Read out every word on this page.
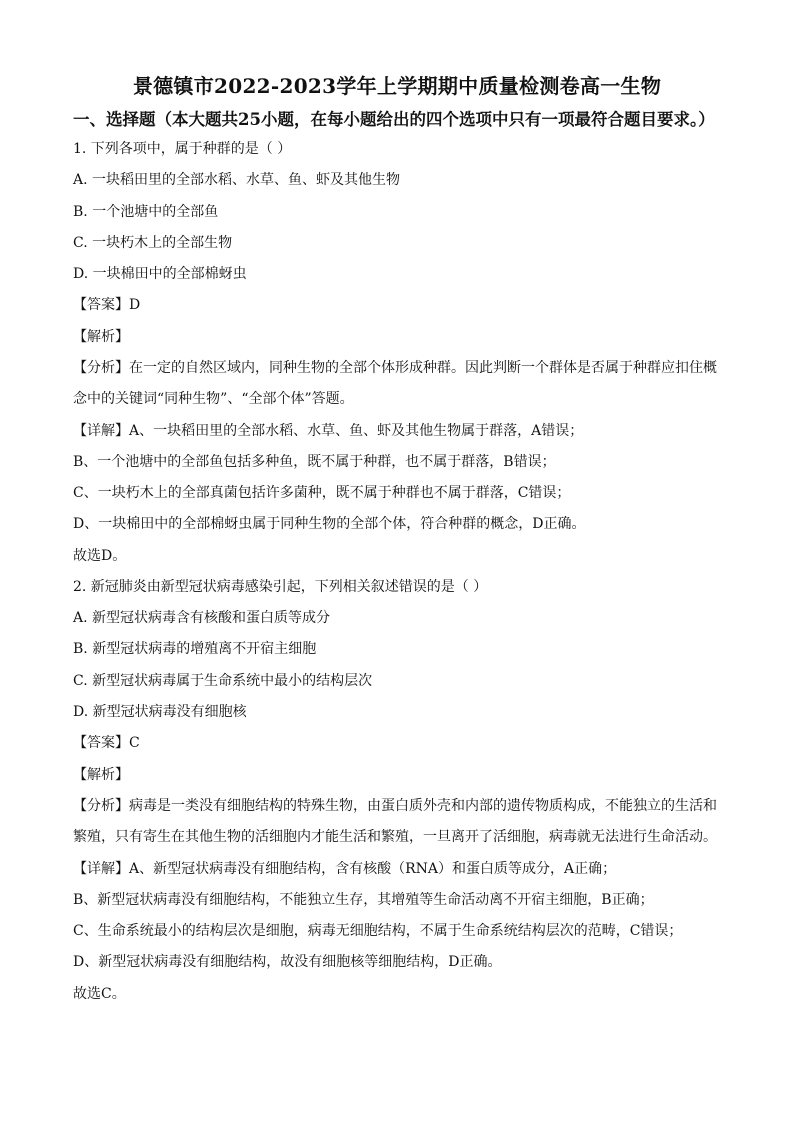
景德镇市2022-2023学年上学期期中质量检测卷高一生物
一、选择题（本大题共25小题，在每小题给出的四个选项中只有一项最符合题目要求。）
1. 下列各项中，属于种群的是（ ）
A. 一块稻田里的全部水稻、水草、鱼、虾及其他生物
B. 一个池塘中的全部鱼
C. 一块朽木上的全部生物
D. 一块棉田中的全部棉蚜虫
【答案】D
【解析】
【分析】在一定的自然区域内，同种生物的全部个体形成种群。因此判断一个群体是否属于种群应扣住概
念中的关键词“同种生物”、“全部个体”答题。
【详解】A、一块稻田里的全部水稻、水草、鱼、虾及其他生物属于群落，A错误；
B、一个池塘中的全部鱼包括多种鱼，既不属于种群，也不属于群落，B错误；
C、一块朽木上的全部真菌包括许多菌种，既不属于种群也不属于群落，C错误；
D、一块棉田中的全部棉蚜虫属于同种生物的全部个体，符合种群的概念，D正确。
故选D。
2. 新冠肺炎由新型冠状病毒感染引起，下列相关叙述错误的是（ ）
A. 新型冠状病毒含有核酸和蛋白质等成分
B. 新型冠状病毒的增殖离不开宿主细胞
C. 新型冠状病毒属于生命系统中最小的结构层次
D. 新型冠状病毒没有细胞核
【答案】C
【解析】
【分析】病毒是一类没有细胞结构的特殊生物，由蛋白质外壳和内部的遗传物质构成，不能独立的生活和
繁殖，只有寄生在其他生物的活细胞内才能生活和繁殖，一旦离开了活细胞，病毒就无法进行生命活动。
【详解】A、新型冠状病毒没有细胞结构，含有核酸（RNA）和蛋白质等成分，A正确；
B、新型冠状病毒没有细胞结构，不能独立生存，其增殖等生命活动离不开宿主细胞，B正确；
C、生命系统最小的结构层次是细胞，病毒无细胞结构，不属于生命系统结构层次的范畴，C错误；
D、新型冠状病毒没有细胞结构，故没有细胞核等细胞结构，D正确。
故选C。
